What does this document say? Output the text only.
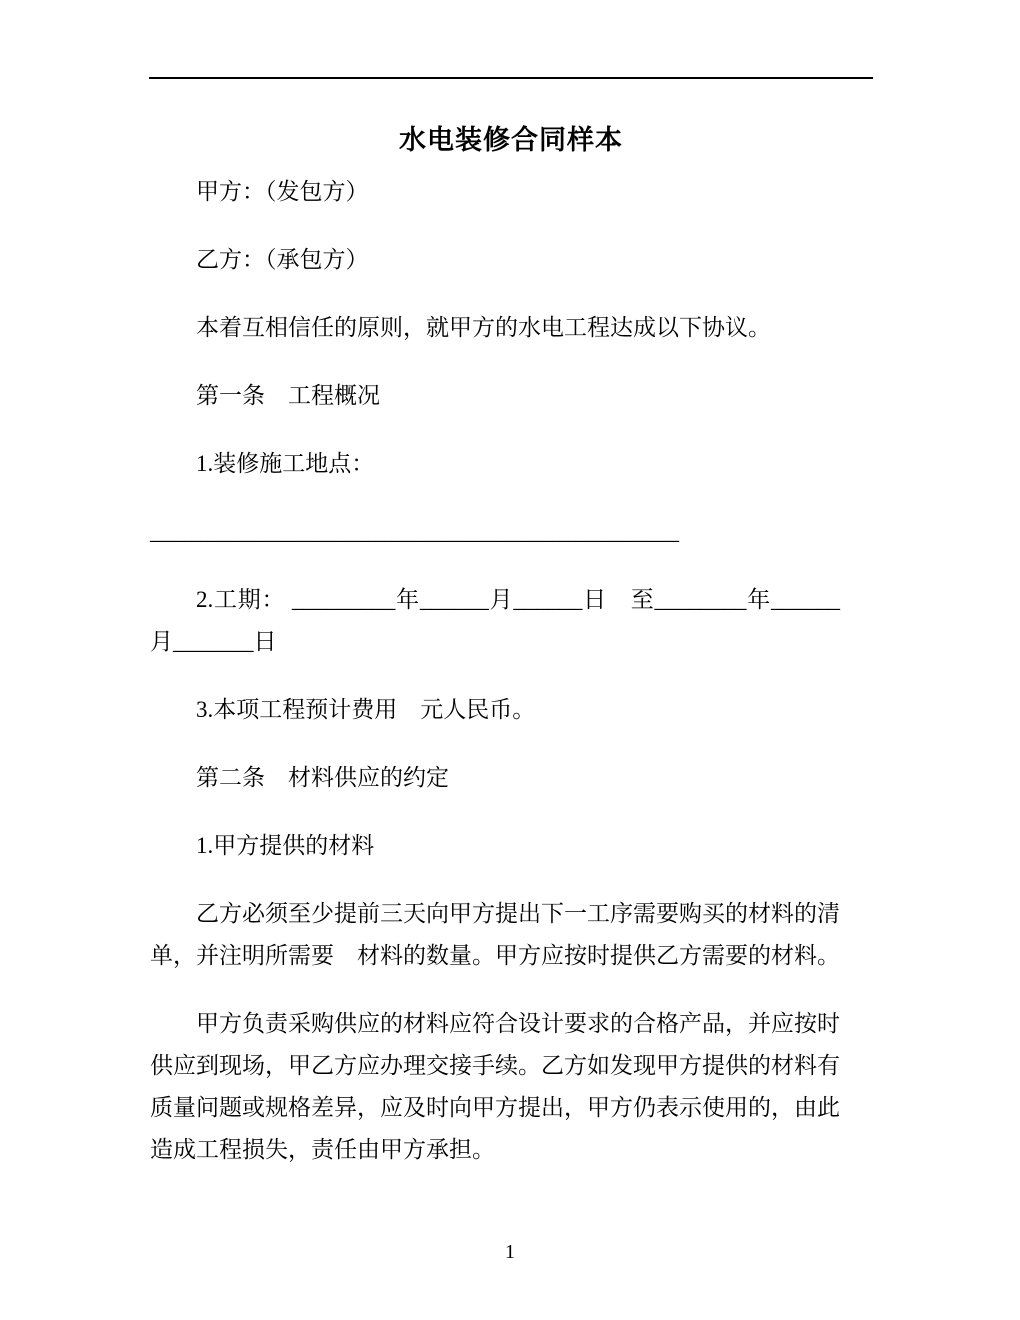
水电装修合同样本

甲方：（发包方）

乙方：（承包方）

本着互相信任的原则，就甲方的水电工程达成以下协议。

第一条　工程概况

1.装修施工地点：

______________________________________________

2.工期： _________年______月______日　至________年______月_______日

3.本项工程预计费用　元人民币。

第二条　材料供应的约定

1.甲方提供的材料

乙方必须至少提前三天向甲方提出下一工序需要购买的材料的清单，并注明所需要　材料的数量。甲方应按时提供乙方需要的材料。

甲方负责采购供应的材料应符合设计要求的合格产品，并应按时供应到现场，甲乙方应办理交接手续。乙方如发现甲方提供的材料有质量问题或规格差异，应及时向甲方提出，甲方仍表示使用的，由此造成工程损失，责任由甲方承担。

1
